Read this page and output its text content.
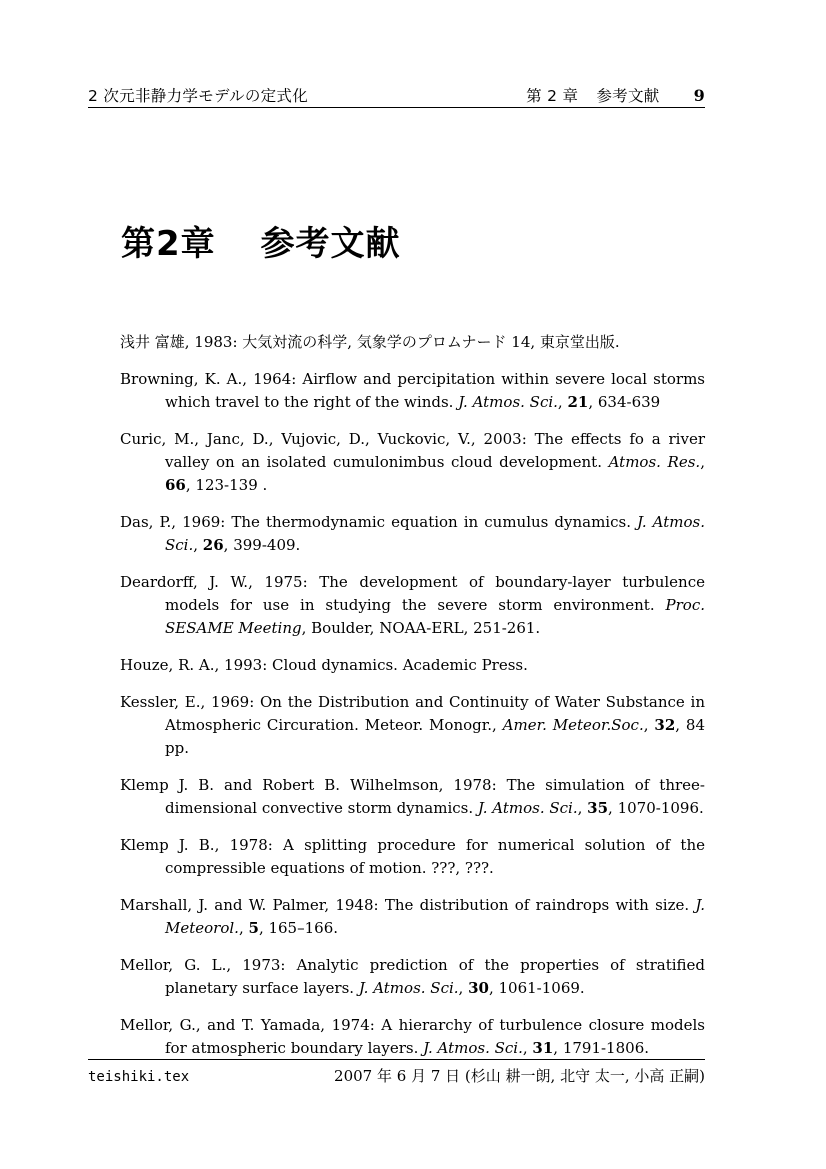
2 次元非静力学モデルの定式化	第 2 章 参考文献 9
第2章 参考文献

浅井 富雄, 1983: 大気対流の科学, 気象学のプロムナード 14, 東京堂出版.

Browning, K. A., 1964: Airflow and percipitation within severe local storms which travel to the right of the winds. J. Atmos. Sci., 21, 634-639

Curic, M., Janc, D., Vujovic, D., Vuckovic, V., 2003: The effects fo a river valley on an isolated cumulonimbus cloud development. Atmos. Res., 66, 123-139 .

Das, P., 1969: The thermodynamic equation in cumulus dynamics. J. Atmos. Sci., 26, 399-409.

Deardorff, J. W., 1975: The development of boundary-layer turbulence models for use in studying the severe storm environment. Proc. SESAME Meeting, Boulder, NOAA-ERL, 251-261.

Houze, R. A., 1993: Cloud dynamics. Academic Press.

Kessler, E., 1969: On the Distribution and Continuity of Water Substance in Atmospheric Circuration. Meteor. Monogr., Amer. Meteor.Soc., 32, 84 pp.

Klemp J. B. and Robert B. Wilhelmson, 1978: The simulation of three-dimensional convective storm dynamics. J. Atmos. Sci., 35, 1070-1096.

Klemp J. B., 1978: A splitting procedure for numerical solution of the compressible equations of motion. ???, ???.

Marshall, J. and W. Palmer, 1948: The distribution of raindrops with size. J. Meteorol., 5, 165–166.

Mellor, G. L., 1973: Analytic prediction of the properties of stratified planetary surface layers. J. Atmos. Sci., 30, 1061-1069.

Mellor, G., and T. Yamada, 1974: A hierarchy of turbulence closure models for atmospheric boundary layers. J. Atmos. Sci., 31, 1791-1806.

teishiki.tex	2007 年 6 月 7 日 (杉山 耕一朗, 北守 太一, 小高 正嗣)
